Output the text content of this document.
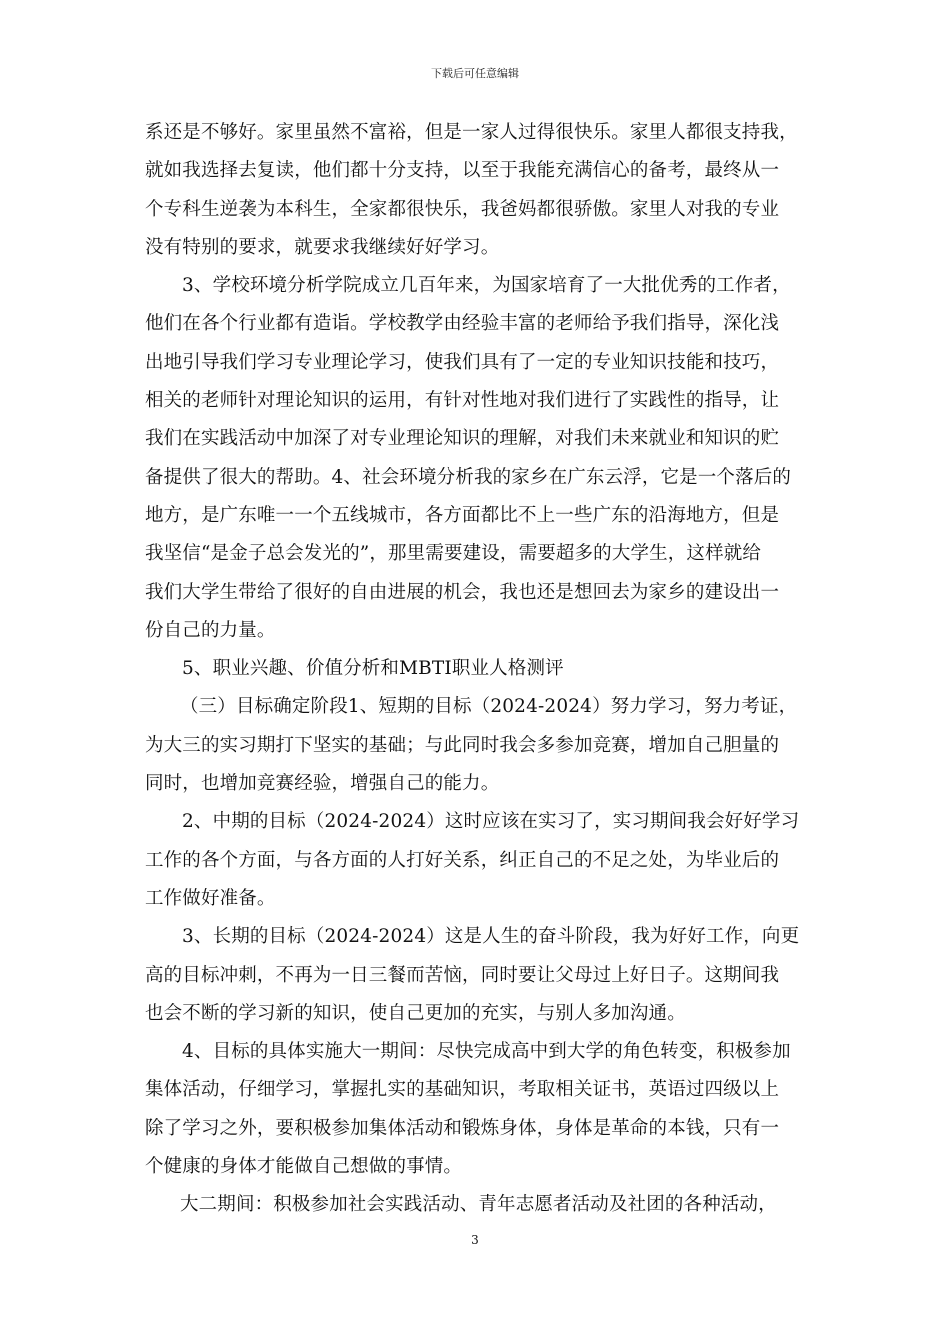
下载后可任意编辑
系还是不够好。家里虽然不富裕，但是一家人过得很快乐。家里人都很支持我，
就如我选择去复读，他们都十分支持，以至于我能充满信心的备考，最终从一
个专科生逆袭为本科生，全家都很快乐，我爸妈都很骄傲。家里人对我的专业
没有特别的要求，就要求我继续好好学习。
3、学校环境分析学院成立几百年来，为国家培育了一大批优秀的工作者，
他们在各个行业都有造诣。学校教学由经验丰富的老师给予我们指导，深化浅
出地引导我们学习专业理论学习，使我们具有了一定的专业知识技能和技巧，
相关的老师针对理论知识的运用，有针对性地对我们进行了实践性的指导，让
我们在实践活动中加深了对专业理论知识的理解，对我们未来就业和知识的贮
备提供了很大的帮助。4、社会环境分析我的家乡在广东云浮，它是一个落后的
地方，是广东唯一一个五线城市，各方面都比不上一些广东的沿海地方，但是
我坚信“是金子总会发光的”，那里需要建设，需要超多的大学生，这样就给
我们大学生带给了很好的自由进展的机会，我也还是想回去为家乡的建设出一
份自己的力量。
5、职业兴趣、价值分析和MBTI职业人格测评
（三）目标确定阶段1、短期的目标（2024-2024）努力学习，努力考证，
为大三的实习期打下坚实的基础；与此同时我会多参加竞赛，增加自己胆量的
同时，也增加竞赛经验，增强自己的能力。
2、中期的目标（2024-2024）这时应该在实习了，实习期间我会好好学习
工作的各个方面，与各方面的人打好关系，纠正自己的不足之处，为毕业后的
工作做好准备。
3、长期的目标（2024-2024）这是人生的奋斗阶段，我为好好工作，向更
高的目标冲刺，不再为一日三餐而苦恼，同时要让父母过上好日子。这期间我
也会不断的学习新的知识，使自己更加的充实，与别人多加沟通。
4、目标的具体实施大一期间：尽快完成高中到大学的角色转变，积极参加
集体活动，仔细学习，掌握扎实的基础知识，考取相关证书，英语过四级以上
除了学习之外，要积极参加集体活动和锻炼身体，身体是革命的本钱，只有一
个健康的身体才能做自己想做的事情。
大二期间：积极参加社会实践活动、青年志愿者活动及社团的各种活动，
3
